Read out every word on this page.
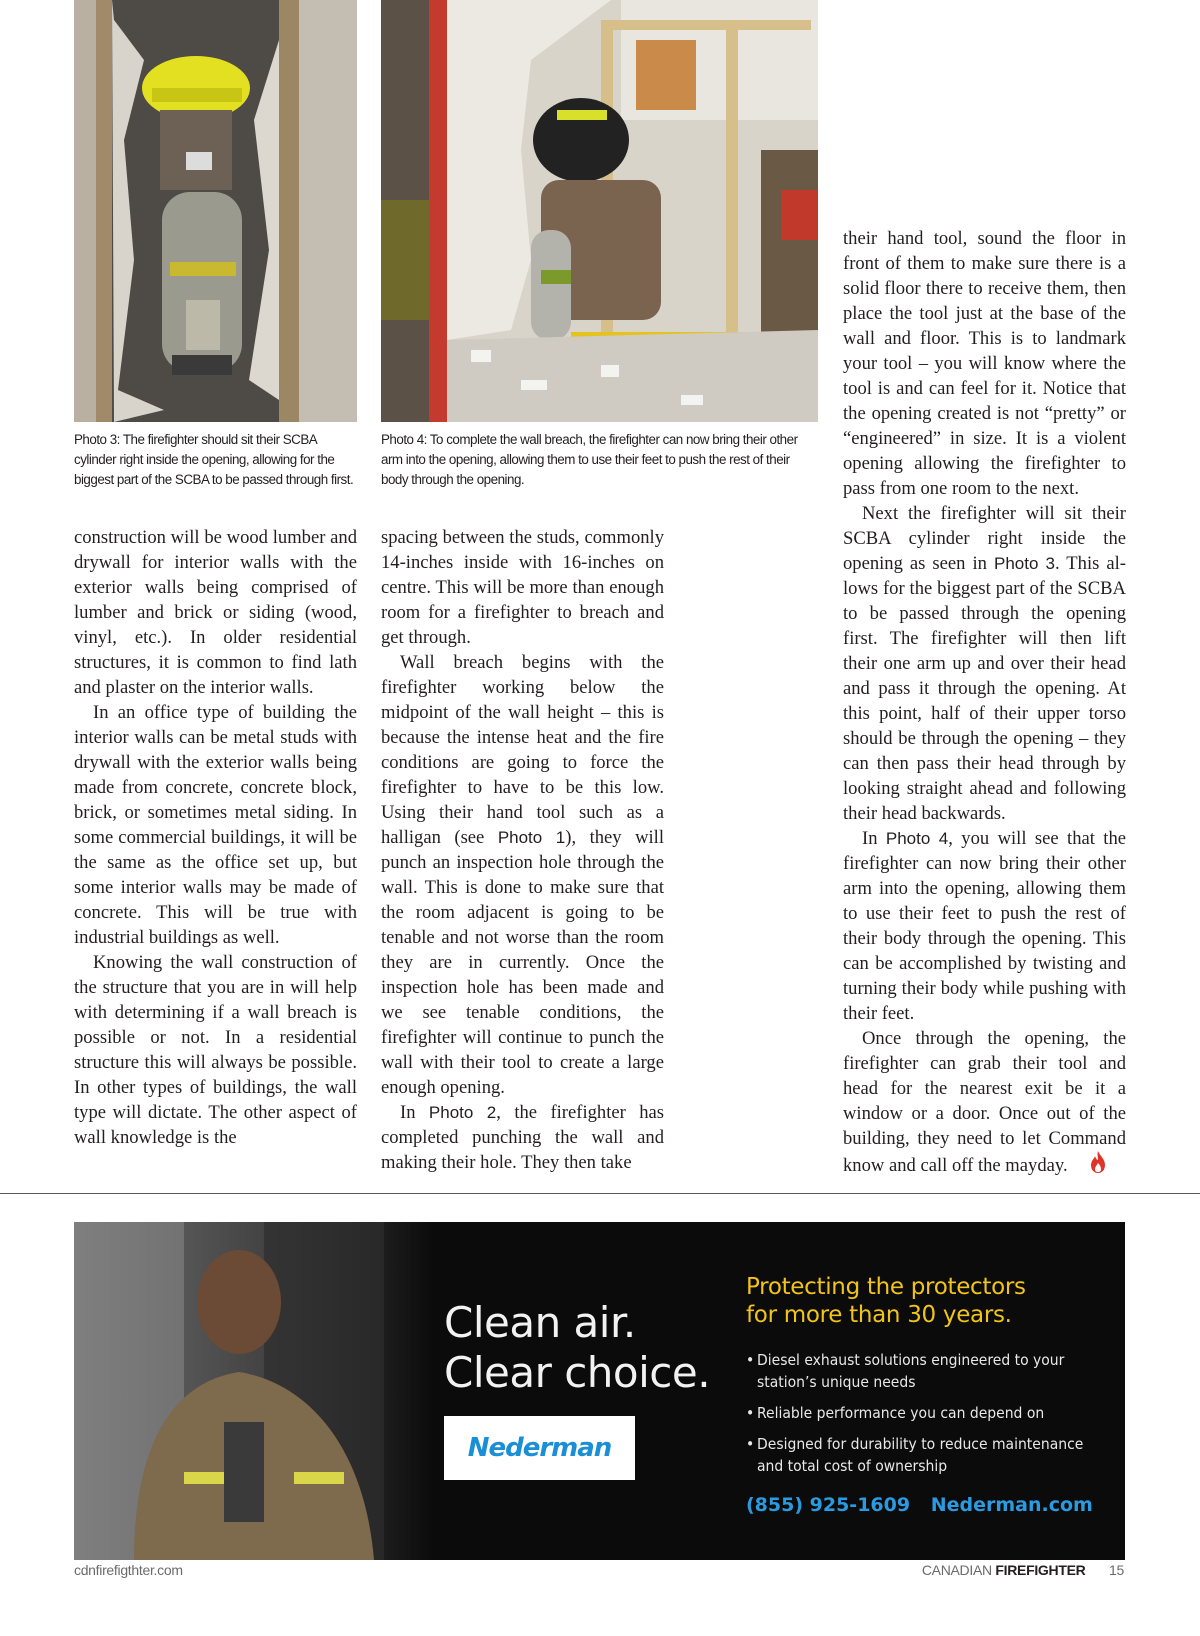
Photo 3: The firefighter should sit their SCBA cylinder right inside the opening, allowing for the biggest part of the SCBA to be passed through first.
Photo 4: To complete the wall breach, the firefighter can now bring their other arm into the opening, allowing them to use their feet to push the rest of their body through the opening.

construction will be wood lumber and drywall for interior walls with the exterior walls being comprised of lumber and brick or siding (wood, vinyl, etc.). In older residential structures, it is common to find lath and plaster on the interior walls.

In an office type of building the interior walls can be metal studs with drywall with the exterior walls being made from concrete, concrete block, brick, or sometimes metal siding. In some commercial buildings, it will be the same as the office set up, but some interior walls may be made of concrete. This will be true with industrial buildings as well.

Knowing the wall construction of the structure that you are in will help with determining if a wall breach is possible or not. In a residential structure this will always be possible. In other types of buildings, the wall type will dictate. The other aspect of wall knowledge is the

spacing between the studs, commonly 14-inches inside with 16-inches on centre. This will be more than enough room for a firefighter to breach and get through.

Wall breach begins with the firefighter working below the midpoint of the wall height – this is because the intense heat and the fire conditions are going to force the firefighter to have to be this low. Using their hand tool such as a halligan (see Photo 1), they will punch an inspection hole through the wall. This is done to make sure that the room adjacent is going to be tenable and not worse than the room they are in currently. Once the inspection hole has been made and we see tenable conditions, the firefighter will continue to punch the wall with their tool to create a large enough opening.

In Photo 2, the firefighter has completed punching the wall and making their hole. They then take

their hand tool, sound the floor in front of them to make sure there is a solid floor there to receive them, then place the tool just at the base of the wall and floor. This is to landmark your tool – you will know where the tool is and can feel for it. Notice that the opening created is not “pretty” or “engineered” in size. It is a violent opening allowing the firefighter to pass from one room to the next.

Next the firefighter will sit their SCBA cylinder right inside the opening as seen in Photo 3. This allows for the biggest part of the SCBA to be passed through the opening first. The firefighter will then lift their one arm up and over their head and pass it through the opening. At this point, half of their upper torso should be through the opening – they can then pass their head through by looking straight ahead and following their head backwards.

In Photo 4, you will see that the firefighter can now bring their other arm into the opening, allowing them to use their feet to push the rest of their body through the opening. This can be accomplished by twisting and turning their body while pushing with their feet.

Once through the opening, the firefighter can grab their tool and head for the nearest exit be it a window or a door. Once out of the building, they need to let Command know and call off the mayday.

Clean air.
Clear choice.
Nederman
Protecting the protectors
for more than 30 years.
• Diesel exhaust solutions engineered to your station’s unique needs
• Reliable performance you can depend on
• Designed for durability to reduce maintenance and total cost of ownership
(855) 925-1609 Nederman.com
cdnfirefigthter.com	CANADIAN FIREFIGHTER 15
